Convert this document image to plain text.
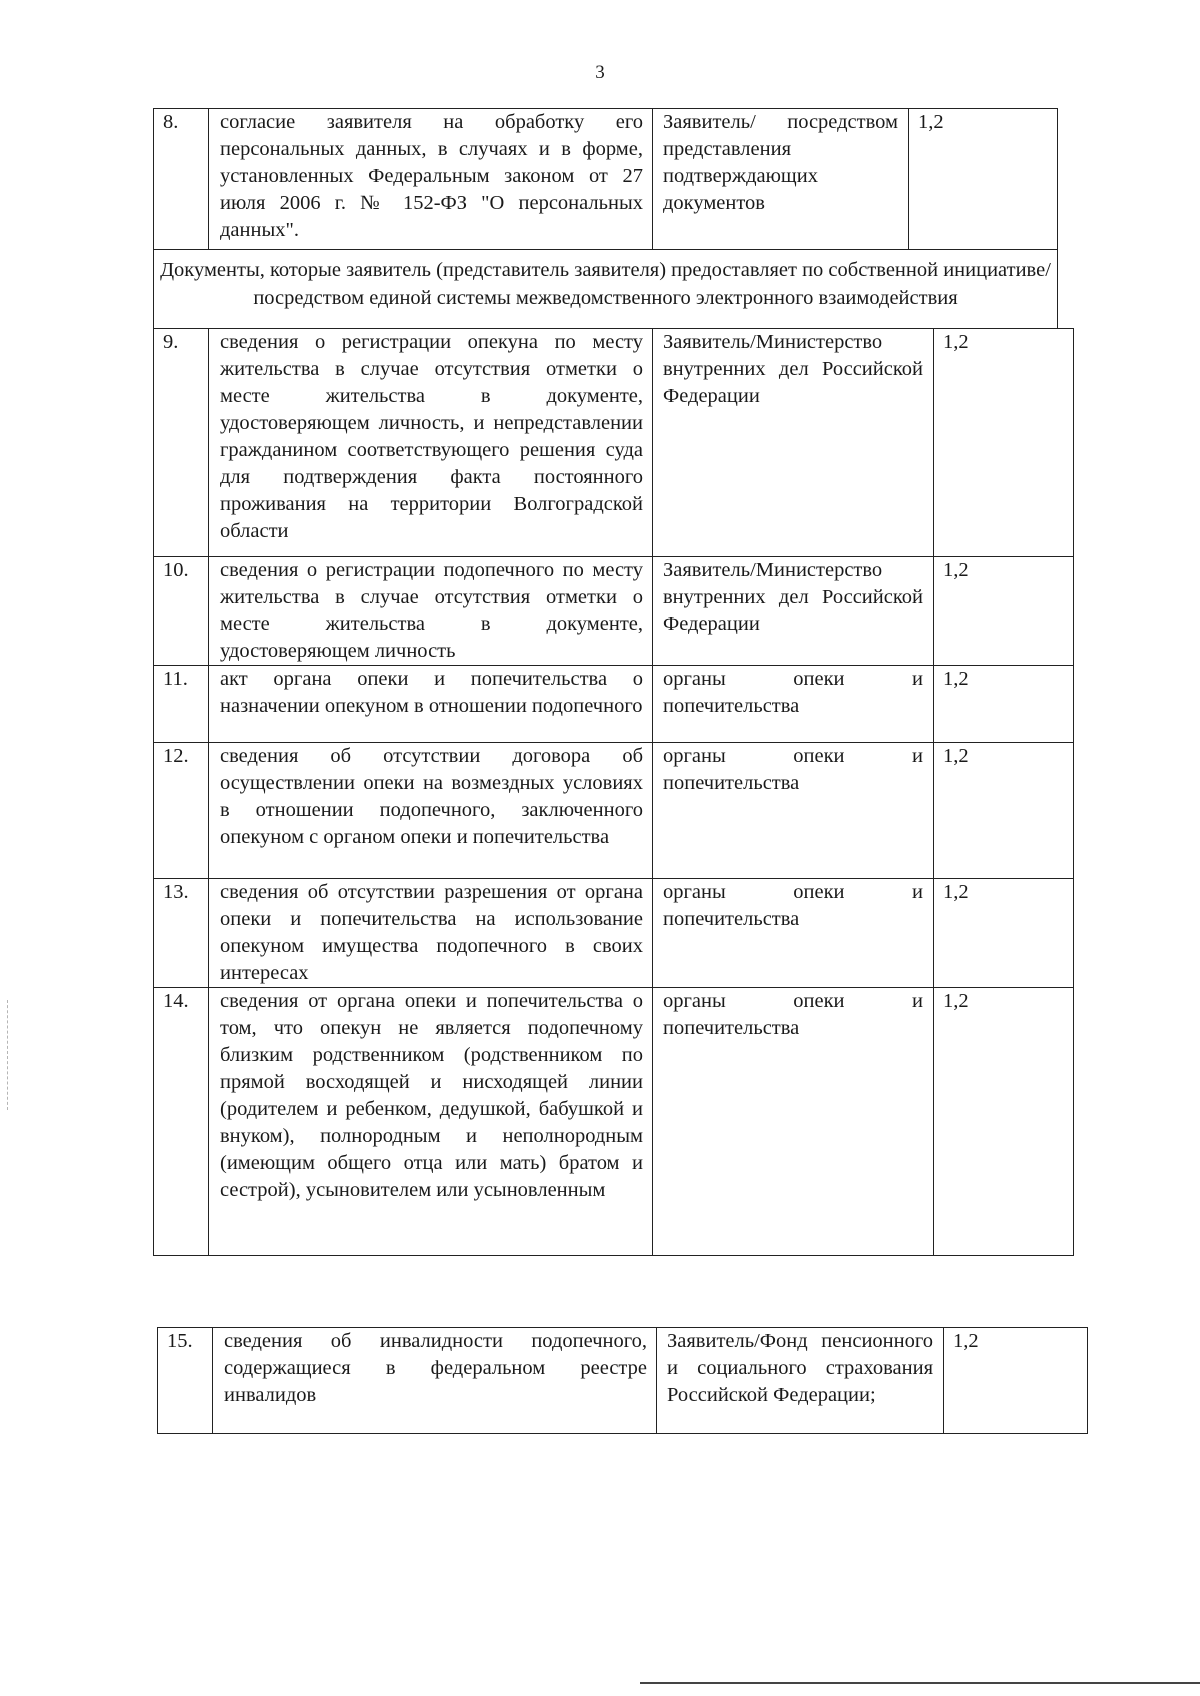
3
8.	согласие заявителя на обработку его персональных данных, в случаях и в форме, установленных Федеральным законом от 27 июля 2006 г. № 152-ФЗ "О персональных данных".	Заявитель/ посредством представления подтверждающих документов	1,2
Документы, которые заявитель (представитель заявителя) предоставляет по собственной инициативе/посредством единой системы межведомственного электронного взаимодействия
9.	сведения о регистрации опекуна по месту жительства в случае отсутствия отметки о месте жительства в документе, удостоверяющем личность, и непредставлении гражданином соответствующего решения суда для подтверждения факта постоянного проживания на территории Волгоградской области	Заявитель/Министерство внутренних дел Российской Федерации	1,2
10.	сведения о регистрации подопечного по месту жительства в случае отсутствия отметки о месте жительства в документе, удостоверяющем личность	Заявитель/Министерство внутренних дел Российской Федерации	1,2
11.	акт органа опеки и попечительства о назначении опекуном в отношении подопечного	органы опеки и попечительства	1,2
12.	сведения об отсутствии договора об осуществлении опеки на возмездных условиях в отношении подопечного, заключенного опекуном с органом опеки и попечительства	органы опеки и попечительства	1,2
13.	сведения об отсутствии разрешения от органа опеки и попечительства на использование опекуном имущества подопечного в своих интересах	органы опеки и попечительства	1,2
14.	сведения от органа опеки и попечительства о том, что опекун не является подопечному близким родственником (родственником по прямой восходящей и нисходящей линии (родителем и ребенком, дедушкой, бабушкой и внуком), полнородным и неполнородным (имеющим общего отца или мать) братом и сестрой), усыновителем или усыновленным	органы опеки и попечительства	1,2
15.	сведения об инвалидности подопечного, содержащиеся в федеральном реестре инвалидов	Заявитель/Фонд пенсионного и социального страхования Российской Федерации;	1,2
